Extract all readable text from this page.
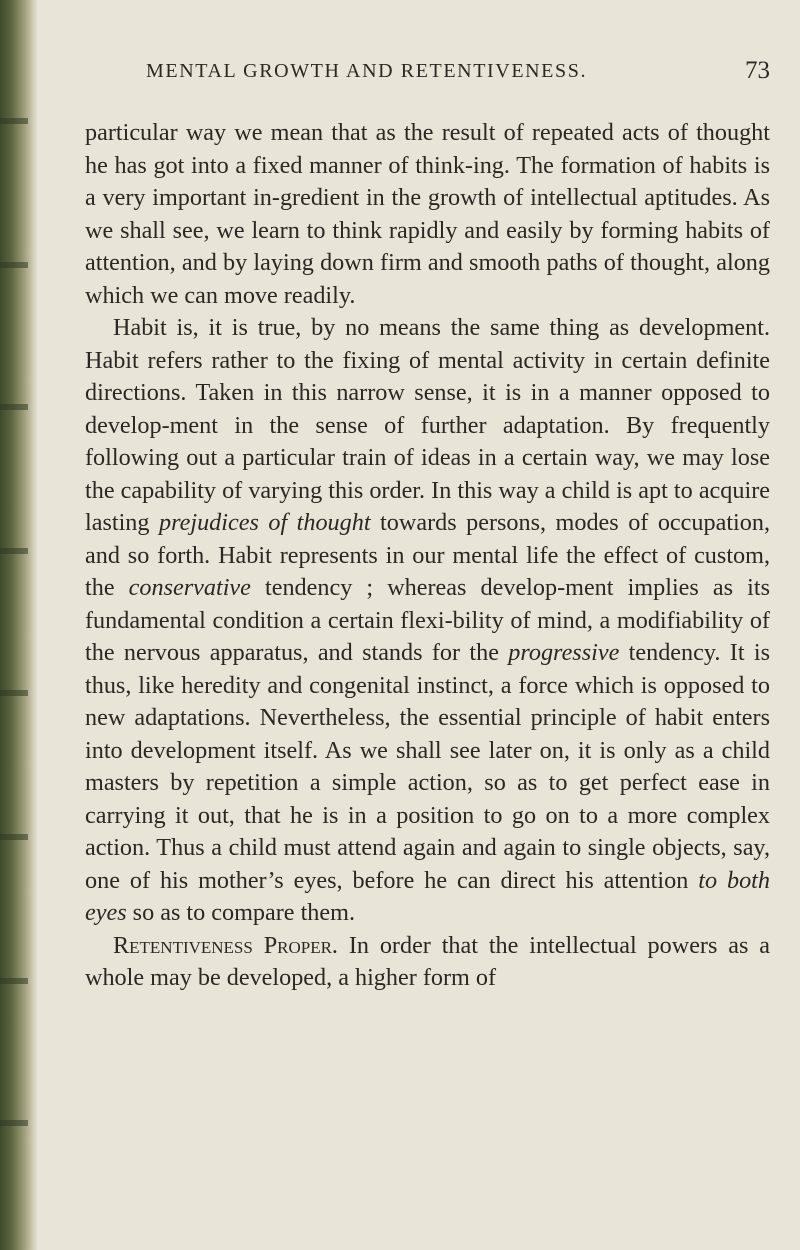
MENTAL GROWTH AND RETENTIVENESS.	73

particular way we mean that as the result of repeated acts of thought he has got into a fixed manner of think-ing. The formation of habits is a very important in-gredient in the growth of intellectual aptitudes. As we shall see, we learn to think rapidly and easily by forming habits of attention, and by laying down firm and smooth paths of thought, along which we can move readily.

Habit is, it is true, by no means the same thing as development. Habit refers rather to the fixing of mental activity in certain definite directions. Taken in this narrow sense, it is in a manner opposed to develop-ment in the sense of further adaptation. By frequently following out a particular train of ideas in a certain way, we may lose the capability of varying this order. In this way a child is apt to acquire lasting prejudices of thought towards persons, modes of occupation, and so forth. Habit represents in our mental life the effect of custom, the conservative tendency ; whereas develop-ment implies as its fundamental condition a certain flexi-bility of mind, a modifiability of the nervous apparatus, and stands for the progressive tendency. It is thus, like heredity and congenital instinct, a force which is opposed to new adaptations. Nevertheless, the essential principle of habit enters into development itself. As we shall see later on, it is only as a child masters by repetition a simple action, so as to get perfect ease in carrying it out, that he is in a position to go on to a more complex action. Thus a child must attend again and again to single objects, say, one of his mother’s eyes, before he can direct his attention to both eyes so as to compare them.

Retentiveness Proper. In order that the intellectual powers as a whole may be developed, a higher form of
